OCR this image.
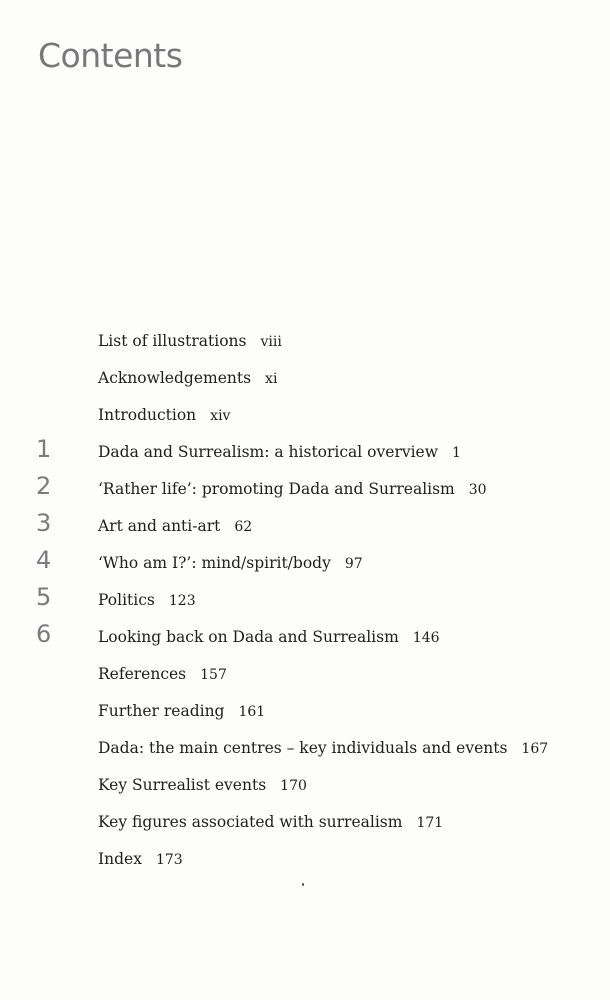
Contents
List of illustrations viii
Acknowledgements xi
Introduction xiv
1	Dada and Surrealism: a historical overview 1
2	‘Rather life’: promoting Dada and Surrealism 30
3	Art and anti-art 62
4	‘Who am I?’: mind/spirit/body 97
5	Politics 123
6	Looking back on Dada and Surrealism 146
References 157
Further reading 161
Dada: the main centres – key individuals and events 167
Key Surrealist events 170
Key figures associated with surrealism 171
Index 173
